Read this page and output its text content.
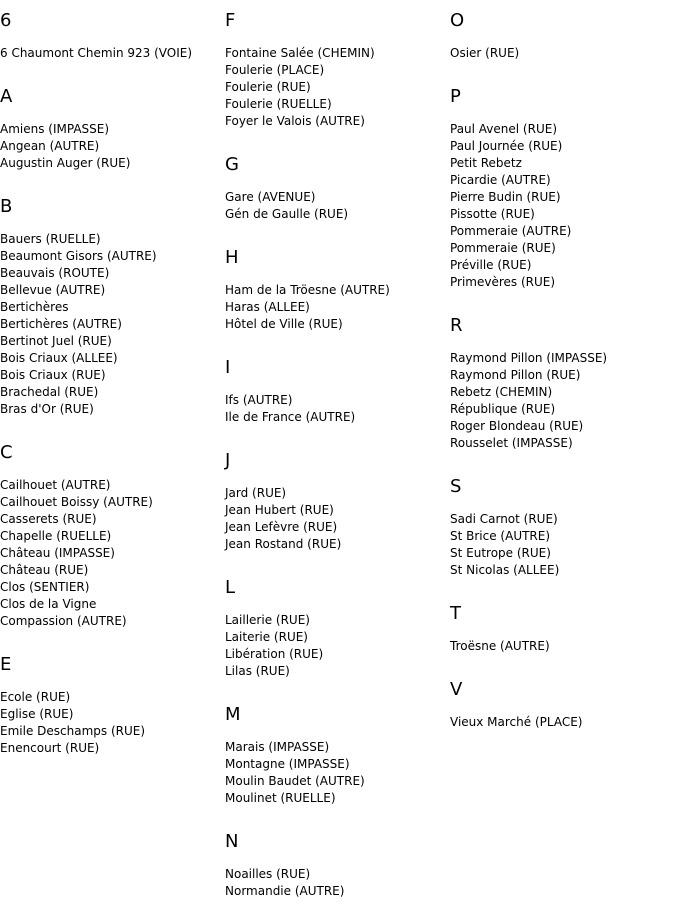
6
6 Chaumont Chemin 923 (VOIE)
A
Amiens (IMPASSE)
Angean (AUTRE)
Augustin Auger (RUE)
B
Bauers (RUELLE)
Beaumont Gisors (AUTRE)
Beauvais (ROUTE)
Bellevue (AUTRE)
Bertichères
Bertichères (AUTRE)
Bertinot Juel (RUE)
Bois Criaux (ALLEE)
Bois Criaux (RUE)
Brachedal (RUE)
Bras d'Or (RUE)
C
Cailhouet (AUTRE)
Cailhouet Boissy (AUTRE)
Casserets (RUE)
Chapelle (RUELLE)
Château (IMPASSE)
Château (RUE)
Clos (SENTIER)
Clos de la Vigne
Compassion (AUTRE)
E
Ecole (RUE)
Eglise (RUE)
Emile Deschamps (RUE)
Enencourt (RUE)
F
Fontaine Salée (CHEMIN)
Foulerie (PLACE)
Foulerie (RUE)
Foulerie (RUELLE)
Foyer le Valois (AUTRE)
G
Gare (AVENUE)
Gén de Gaulle (RUE)
H
Ham de la Tröesne (AUTRE)
Haras (ALLEE)
Hôtel de Ville (RUE)
I
Ifs (AUTRE)
Ile de France (AUTRE)
J
Jard (RUE)
Jean Hubert (RUE)
Jean Lefèvre (RUE)
Jean Rostand (RUE)
L
Laillerie (RUE)
Laiterie (RUE)
Libération (RUE)
Lilas (RUE)
M
Marais (IMPASSE)
Montagne (IMPASSE)
Moulin Baudet (AUTRE)
Moulinet (RUELLE)
N
Noailles (RUE)
Normandie (AUTRE)
O
Osier (RUE)
P
Paul Avenel (RUE)
Paul Journée (RUE)
Petit Rebetz
Picardie (AUTRE)
Pierre Budin (RUE)
Pissotte (RUE)
Pommeraie (AUTRE)
Pommeraie (RUE)
Préville (RUE)
Primevères (RUE)
R
Raymond Pillon (IMPASSE)
Raymond Pillon (RUE)
Rebetz (CHEMIN)
République (RUE)
Roger Blondeau (RUE)
Rousselet (IMPASSE)
S
Sadi Carnot (RUE)
St Brice (AUTRE)
St Eutrope (RUE)
St Nicolas (ALLEE)
T
Troësne (AUTRE)
V
Vieux Marché (PLACE)
